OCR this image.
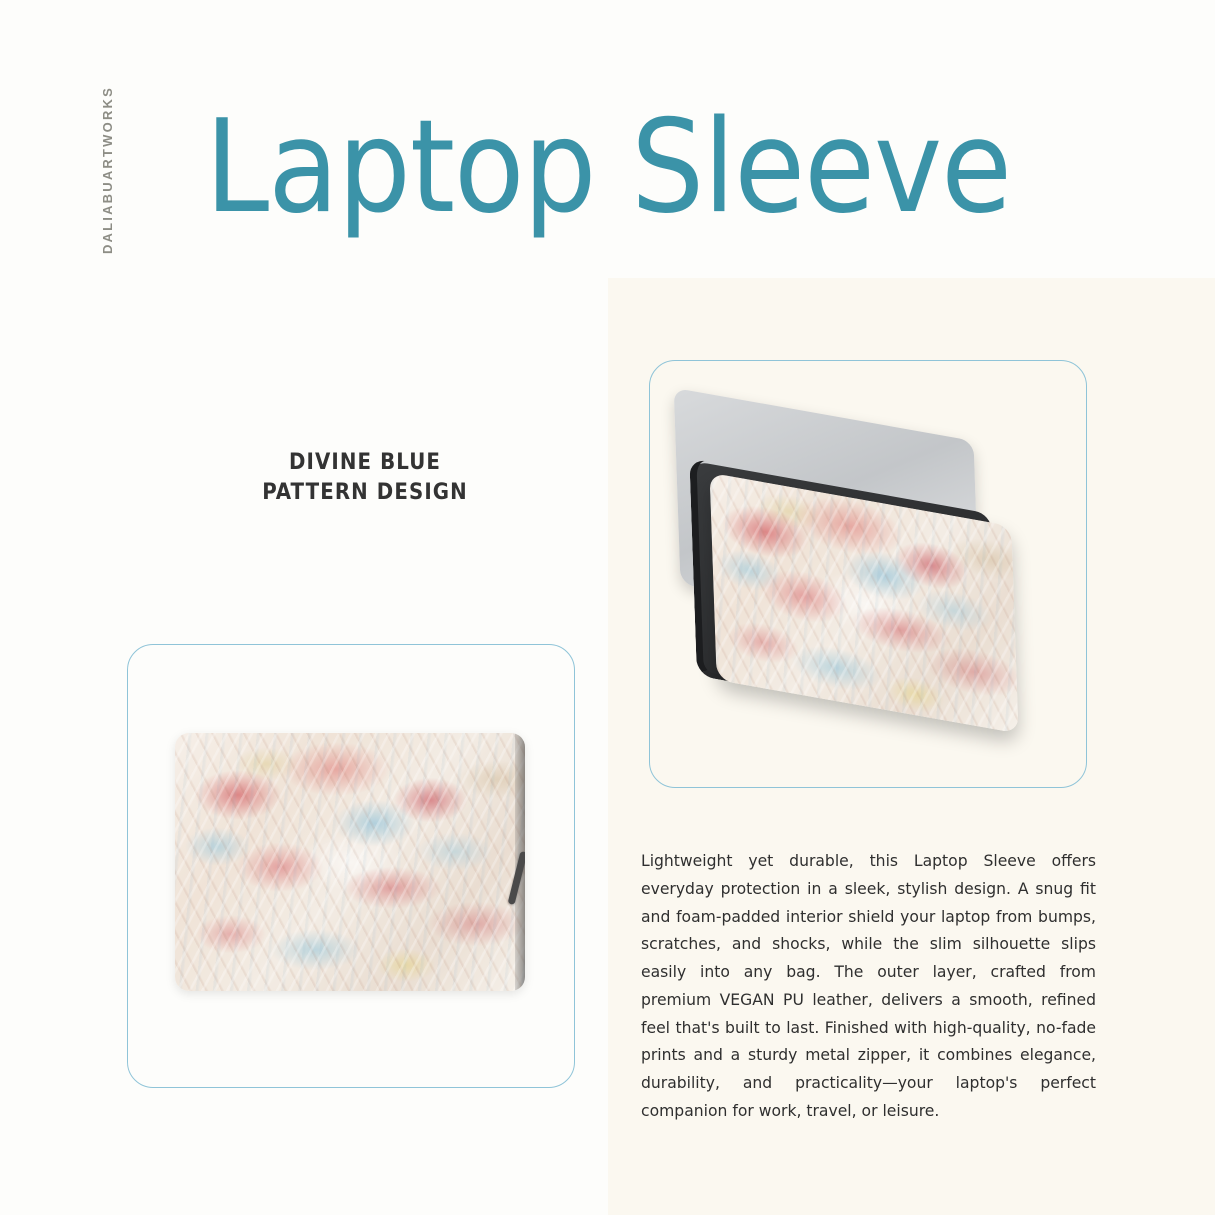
DALIABUARTWORKS Laptop Sleeve
DIVINE BLUE
PATTERN DESIGN
Lightweight yet durable, this Laptop Sleeve offers everyday protection in a sleek, stylish design. A snug fit and foam-padded interior shield your laptop from bumps, scratches, and shocks, while the slim silhouette slips easily into any bag. The outer layer, crafted from premium VEGAN PU leather, delivers a smooth, refined feel that's built to last. Finished with high-quality, no-fade prints and a sturdy metal zipper, it combines elegance, durability, and practicality—your laptop's perfect companion for work, travel, or leisure.
